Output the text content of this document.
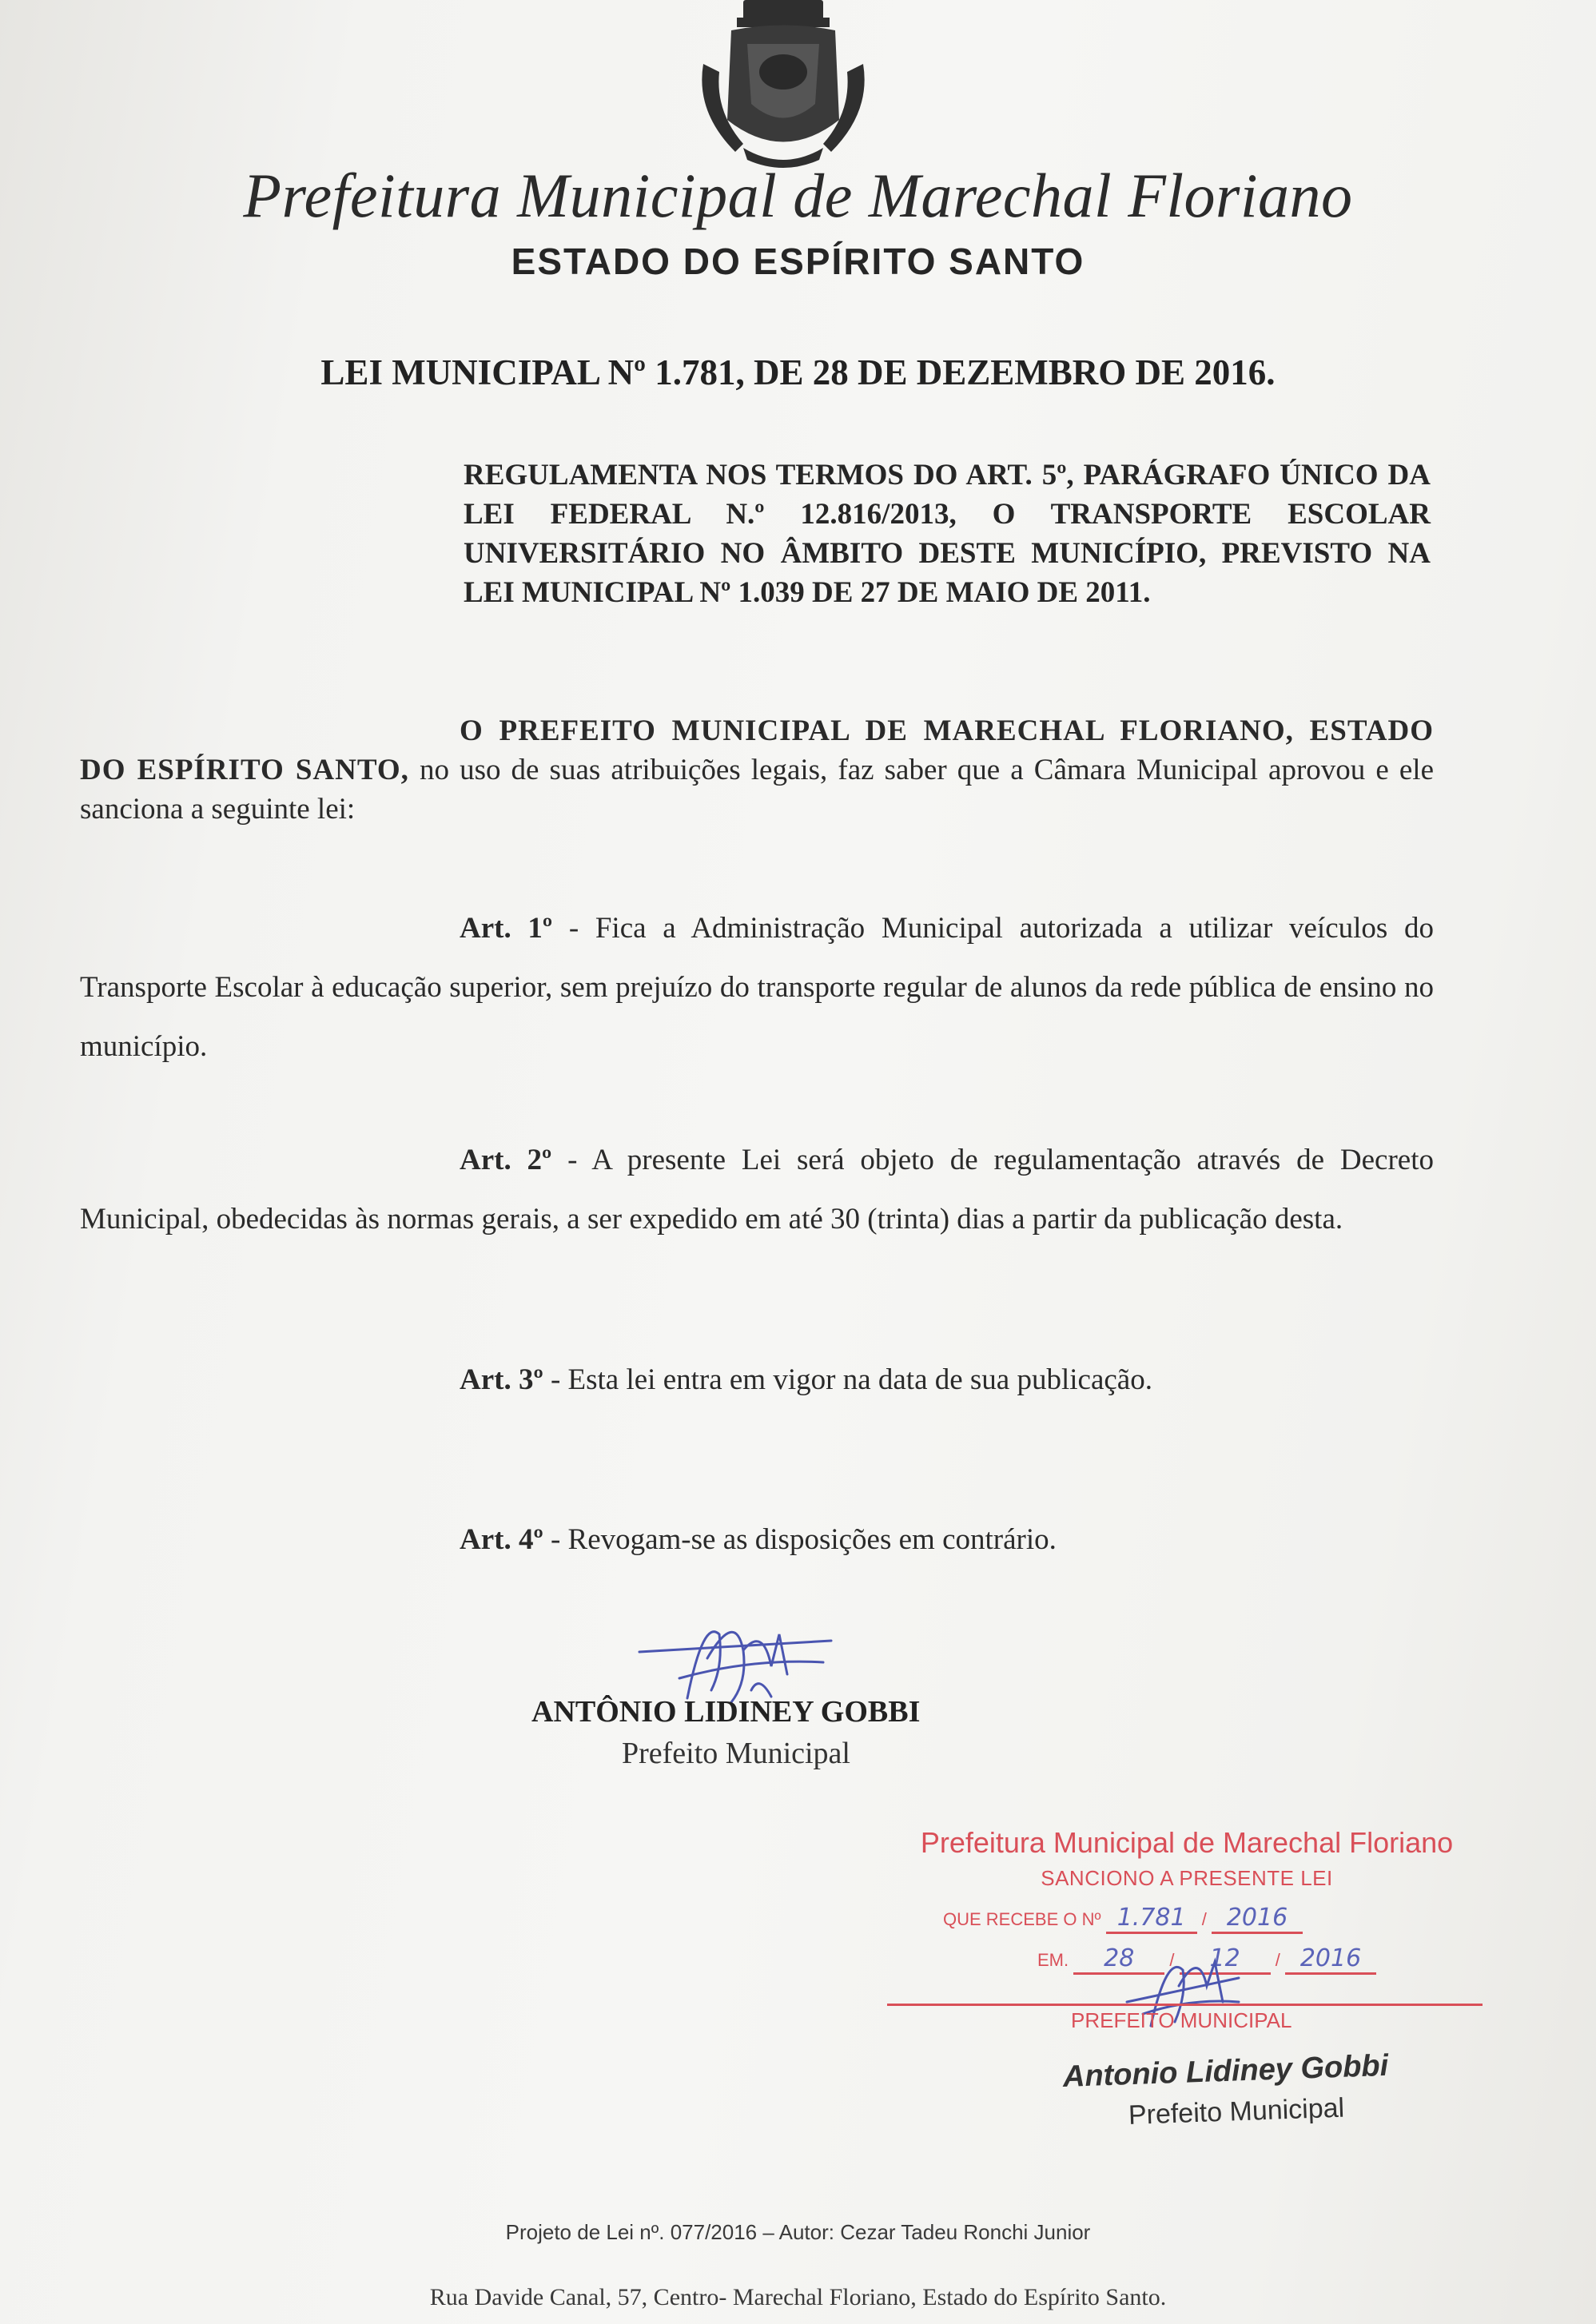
Prefeitura Municipal de Marechal Floriano
ESTADO DO ESPÍRITO SANTO
LEI MUNICIPAL Nº 1.781, DE 28 DE DEZEMBRO DE 2016.
REGULAMENTA NOS TERMOS DO ART. 5º, PARÁGRAFO ÚNICO DA LEI FEDERAL N.º 12.816/2013, O TRANSPORTE ESCOLAR UNIVERSITÁRIO NO ÂMBITO DESTE MUNICÍPIO, PREVISTO NA LEI MUNICIPAL Nº 1.039 DE 27 DE MAIO DE 2011.
O PREFEITO MUNICIPAL DE MARECHAL FLORIANO, ESTADO DO ESPÍRITO SANTO, no uso de suas atribuições legais, faz saber que a Câmara Municipal aprovou e ele sanciona a seguinte lei:
Art. 1º - Fica a Administração Municipal autorizada a utilizar veículos do Transporte Escolar à educação superior, sem prejuízo do transporte regular de alunos da rede pública de ensino no município.
Art. 2º - A presente Lei será objeto de regulamentação através de Decreto Municipal, obedecidas às normas gerais, a ser expedido em até 30 (trinta) dias a partir da publicação desta.
Art. 3º - Esta lei entra em vigor na data de sua publicação.
Art. 4º - Revogam-se as disposições em contrário.
ANTÔNIO LIDINEY GOBBI
Prefeito Municipal
Prefeitura Municipal de Marechal Floriano
SANCIONO A PRESENTE LEI
QUE RECEBE O Nº 1.781 / 2016
EM. 28 / 12 / 2016
PREFEITO MUNICIPAL
Antonio Lidiney Gobbi
Prefeito Municipal
Projeto de Lei nº. 077/2016 – Autor: Cezar Tadeu Ronchi Junior
Rua Davide Canal, 57, Centro- Marechal Floriano, Estado do Espírito Santo.
